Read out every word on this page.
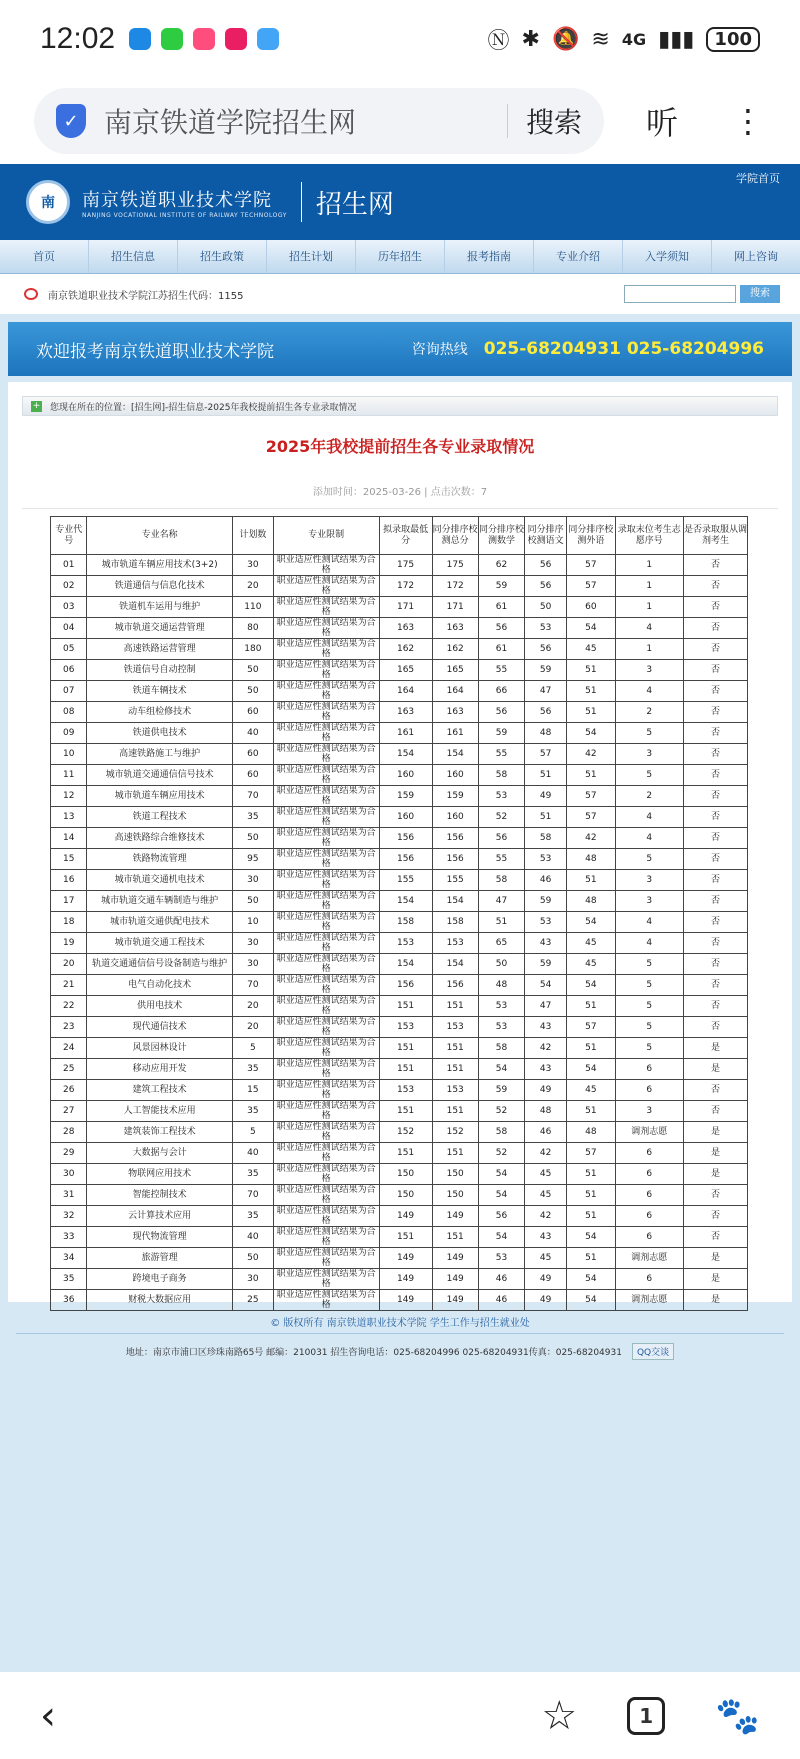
12:02	Ⓝ ✱ 🔕 ≋ 4G ▮▮▮	100
✓ 南京铁道学院招生网	搜索 听 ⋮
南	南京铁道职业技术学院
NANJING VOCATIONAL INSTITUTE OF RAILWAY TECHNOLOGY 招生网
学院首页
首页	招生信息	招生政策	招生计划	历年招生	报考指南	专业介绍	入学须知	网上咨询
南京铁道职业技术学院江苏招生代码：1155	搜索
欢迎报考南京铁道职业技术学院	咨询热线 025-68204931 025-68204996
+ 您现在所在的位置：[招生网]-招生信息-2025年我校提前招生各专业录取情况
2025年我校提前招生各专业录取情况
添加时间：2025-03-26 | 点击次数：7
专业代号	专业名称	计划数	专业限制	拟录取最低分	同分排序校测总分	同分排序校测数学	同分排序校测语文	同分排序校测外语	录取末位考生志愿序号	是否录取服从调剂考生
01	城市轨道车辆应用技术(3+2)	30	职业适应性测试结果为合格	175	175	62	56	57	1	否
02	铁道通信与信息化技术	20	职业适应性测试结果为合格	172	172	59	56	57	1	否
03	铁道机车运用与维护	110	职业适应性测试结果为合格	171	171	61	50	60	1	否
04	城市轨道交通运营管理	80	职业适应性测试结果为合格	163	163	56	53	54	4	否
05	高速铁路运营管理	180	职业适应性测试结果为合格	162	162	61	56	45	1	否
06	铁道信号自动控制	50	职业适应性测试结果为合格	165	165	55	59	51	3	否
07	铁道车辆技术	50	职业适应性测试结果为合格	164	164	66	47	51	4	否
08	动车组检修技术	60	职业适应性测试结果为合格	163	163	56	56	51	2	否
09	铁道供电技术	40	职业适应性测试结果为合格	161	161	59	48	54	5	否
10	高速铁路施工与维护	60	职业适应性测试结果为合格	154	154	55	57	42	3	否
11	城市轨道交通通信信号技术	60	职业适应性测试结果为合格	160	160	58	51	51	5	否
12	城市轨道车辆应用技术	70	职业适应性测试结果为合格	159	159	53	49	57	2	否
13	铁道工程技术	35	职业适应性测试结果为合格	160	160	52	51	57	4	否
14	高速铁路综合维修技术	50	职业适应性测试结果为合格	156	156	56	58	42	4	否
15	铁路物流管理	95	职业适应性测试结果为合格	156	156	55	53	48	5	否
16	城市轨道交通机电技术	30	职业适应性测试结果为合格	155	155	58	46	51	3	否
17	城市轨道交通车辆制造与维护	50	职业适应性测试结果为合格	154	154	47	59	48	3	否
18	城市轨道交通供配电技术	10	职业适应性测试结果为合格	158	158	51	53	54	4	否
19	城市轨道交通工程技术	30	职业适应性测试结果为合格	153	153	65	43	45	4	否
20	轨道交通通信信号设备制造与维护	30	职业适应性测试结果为合格	154	154	50	59	45	5	否
21	电气自动化技术	70	职业适应性测试结果为合格	156	156	48	54	54	5	否
22	供用电技术	20	职业适应性测试结果为合格	151	151	53	47	51	5	否
23	现代通信技术	20	职业适应性测试结果为合格	153	153	53	43	57	5	否
24	风景园林设计	5	职业适应性测试结果为合格	151	151	58	42	51	5	是
25	移动应用开发	35	职业适应性测试结果为合格	151	151	54	43	54	6	是
26	建筑工程技术	15	职业适应性测试结果为合格	153	153	59	49	45	6	否
27	人工智能技术应用	35	职业适应性测试结果为合格	151	151	52	48	51	3	否
28	建筑装饰工程技术	5	职业适应性测试结果为合格	152	152	58	46	48	调剂志愿	是
29	大数据与会计	40	职业适应性测试结果为合格	151	151	52	42	57	6	是
30	物联网应用技术	35	职业适应性测试结果为合格	150	150	54	45	51	6	是
31	智能控制技术	70	职业适应性测试结果为合格	150	150	54	45	51	6	否
32	云计算技术应用	35	职业适应性测试结果为合格	149	149	56	42	51	6	否
33	现代物流管理	40	职业适应性测试结果为合格	151	151	54	43	54	6	否
34	旅游管理	50	职业适应性测试结果为合格	149	149	53	45	51	调剂志愿	是
35	跨境电子商务	30	职业适应性测试结果为合格	149	149	46	49	54	6	是
36	财税大数据应用	25	职业适应性测试结果为合格	149	149	46	49	54	调剂志愿	是
© 版权所有 南京铁道职业技术学院 学生工作与招生就业处
地址：南京市浦口区珍珠南路65号 邮编：210031 招生咨询电话：025-68204996 025-68204931传真：025-68204931	QQ交谈
‹	☆	1	🐾
